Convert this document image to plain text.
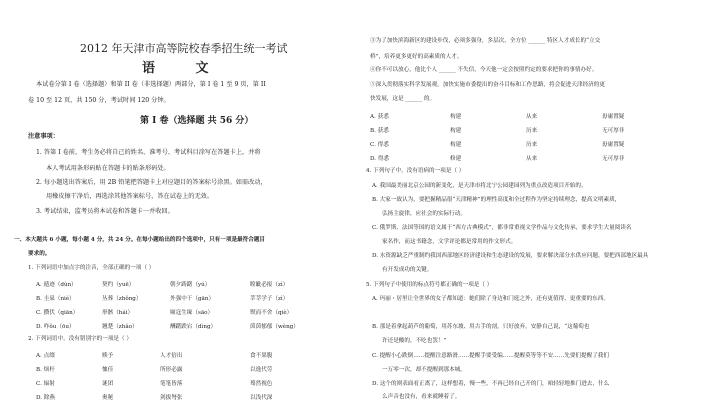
2012 年天津市高等院校春季招生统一考试
语 文
本试卷分第 I 卷（选择题）和第 II 卷（非选择题）两部分，第 I 卷 1 至 9 页，第 II
卷 10 至 12 页，共 150 分，考试时间 120 分钟。
第 I 卷（选择题 共 56 分）
注意事项：
1. 答第 I 卷前，考生务必将自己的姓名、准考号、考试科目涂写在答题卡上，并将
本人考试用条形码贴在答题卡的贴条形码处。
2. 每小题选出答案后，用 2B 铅笔把答题卡上对应题目的答案标号涂黑。如需改动，
用橡皮擦干净后，再选涂其他答案标号，答在试卷上的无效。
3. 考试结束，监考员将本试卷和答题卡一并收回。
一、本大题共 6 小题，每小题 4 分，共 24 分。在每小题给出的四个选项中，只有一项是最符合题目
要求的。
1. 下列词语中加点字的注音，全部正确的一项（ ）
A. 遁迹（dùn）	契约（yuē）	朝夕踌躇（yú）	瞠眦必报（zì）
B. 圭臬（niè）	丛葬（zhǒng）	外强中干（gān）	莘莘学子（zì）
C. 攒伏（qiān）	形骸（hái）	厢寇生缘（sāo）	锲而不舍（qiè）
D. 咋ǒu（ōu）	翘楚（zhǎo）	酬躇跌宕（dìng）	茵茵郁郁（wèng）
2. 下列词语中，没有错别字的一项是（ ）
A. 点缀	赎予	人才倍出	食不果腹
B. 烦杆	恤佳	所形必露	以逸代劳
C. 辐射	谜团	笔笔皆落	蓦然视色
D. 除燕	奥秘	剑拔弩张	以浅代深
③为了加快滨海新区的建设步伐，必须多强身，多层次，全方位 ______ 特区人才成长的“立交
桥”，培养更多更好的高素质的人才。
④你不可以放心，他比个人 ______ 不失信，今天他一定会按照约定的要求把你的事情办好。
⑤深入贯彻落实科学发展观，加快实施市委提出的奋斗目标和工作思路，将会促进天津经济的更
快发展，这是 ______ 的。
A. 获悉	构建	从来	毋庸置疑
B. 获悉	构建	历来	无可厚非
C. 得悉	构建	历来	毋庸置疑
D. 得悉	修建	从来	无可厚非
4. 下列句子中，没有语病的一项是（ ）
A. 我国最美丽北京公园的新变化，是天津市将北宁公园建园列为重点改造项目开始的。
B. 大家一致认为，要把握精品很“天津精神”的理性高度和全过程作为坚定持续理念，提高文明素质，
弘扬主旋律，应社会的实际行动。
C. 俄罗斯、法国等国的语文属于“西方古典模式”，都非常重视文学作品与文化传承，要求学生大量阅读名
家名作，而这书籍念，文学评论都是常用的作文形式。
D. 水资源缺乏严重制约我国西部地区经济建设和生态建设的发展，要求解决部分水供应问题，要把西部地区最具
有开发成功的关键。
5. 下列句子中使用的标点符号都正确的一项是（ ）
A. 玛丽・居里让全世界的女子都知道：她们除了身边和门庭之外，还有更值得、更重要的东西。
B. 那是着拿起葫芦的葡萄，用苏东坡、用古手的剖，只好放弃，安静自己说，“这葡萄也
许还是酸的，不吃也罢！”
C. 提醒小心跌倒……提醒注意路滑……提醒手要受编……提醒莫等等不安……先要们提醒了我们
一万零一次，却不提醒到那本城。
D. 这个的则表面看正离了，这样想着，慢一些，不再已经自己开的门，咱轻轻地推门进去，什么
么声音也没有，看来就睡着了。
